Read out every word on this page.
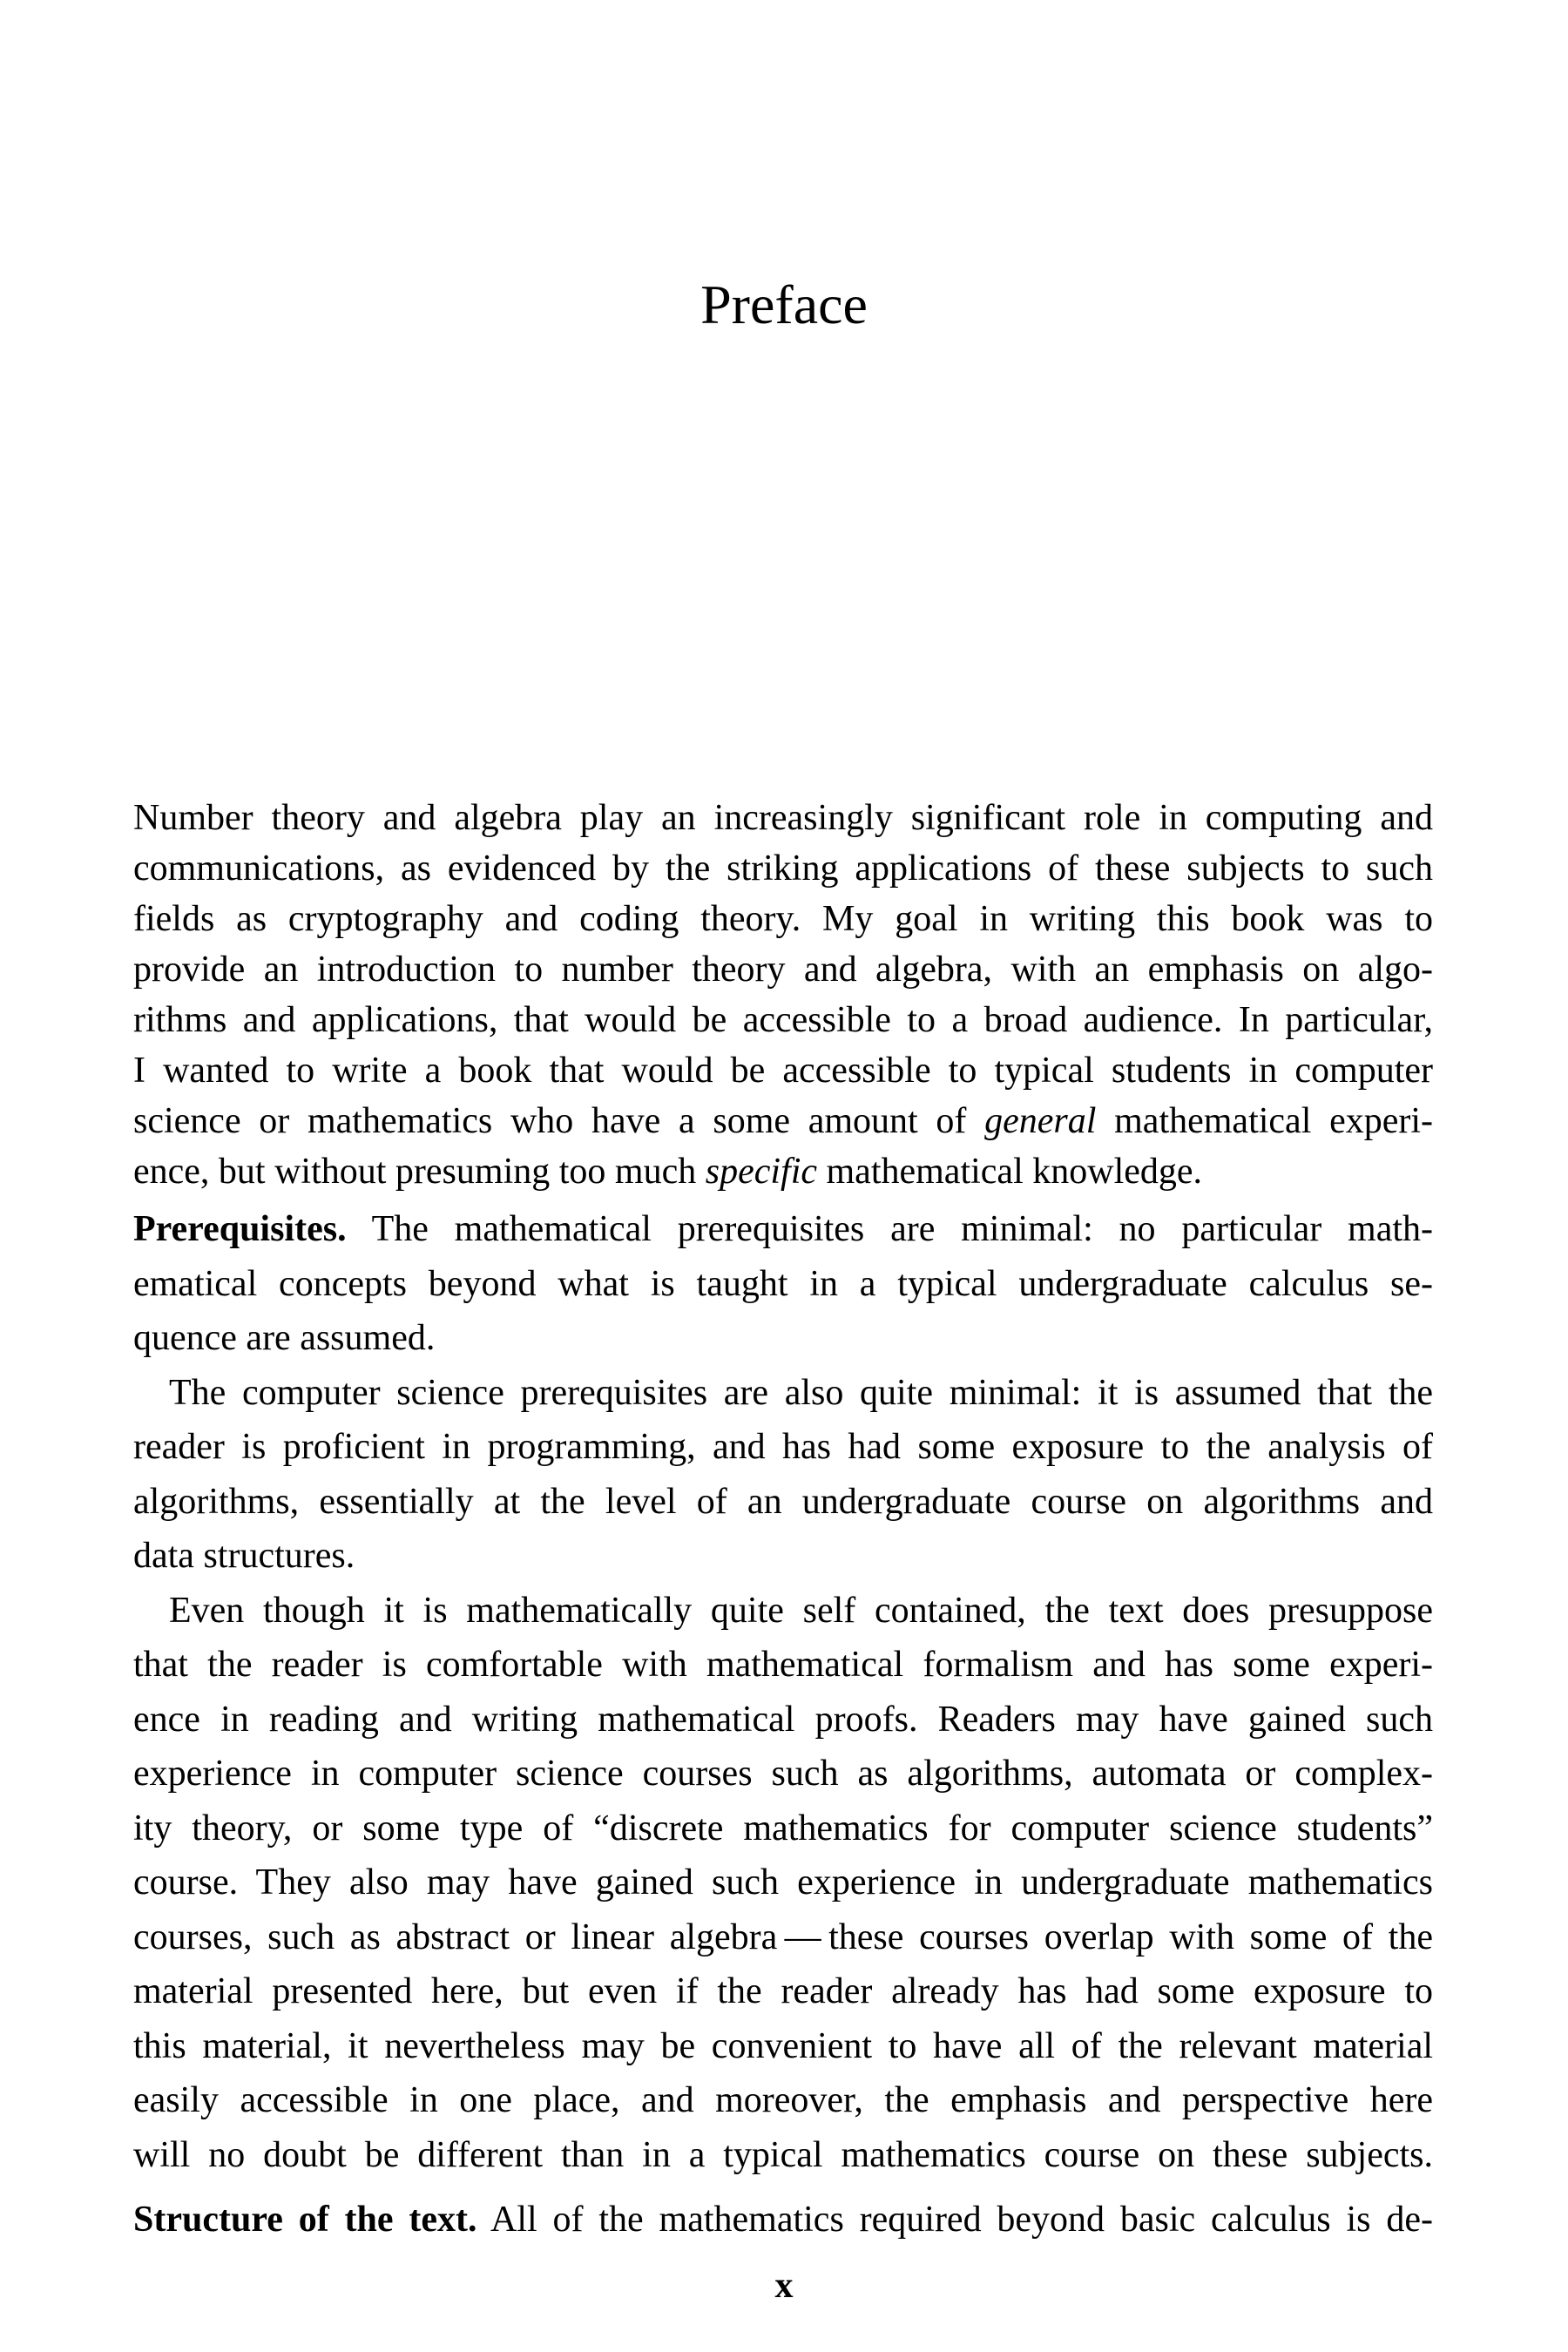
Preface
Number theory and algebra play an increasingly significant role in computing and
communications, as evidenced by the striking applications of these subjects to such
fields as cryptography and coding theory. My goal in writing this book was to
provide an introduction to number theory and algebra, with an emphasis on algo-
rithms and applications, that would be accessible to a broad audience. In particular,
I wanted to write a book that would be accessible to typical students in computer
science or mathematics who have a some amount of general mathematical experi-
ence, but without presuming too much specific mathematical knowledge.
Prerequisites. The mathematical prerequisites are minimal: no particular math-
ematical concepts beyond what is taught in a typical undergraduate calculus se-
quence are assumed.
The computer science prerequisites are also quite minimal: it is assumed that the
reader is proficient in programming, and has had some exposure to the analysis of
algorithms, essentially at the level of an undergraduate course on algorithms and
data structures.
Even though it is mathematically quite self contained, the text does presuppose
that the reader is comfortable with mathematical formalism and has some experi-
ence in reading and writing mathematical proofs. Readers may have gained such
experience in computer science courses such as algorithms, automata or complex-
ity theory, or some type of “discrete mathematics for computer science students”
course. They also may have gained such experience in undergraduate mathematics
courses, such as abstract or linear algebra — these courses overlap with some of the
material presented here, but even if the reader already has had some exposure to
this material, it nevertheless may be convenient to have all of the relevant material
easily accessible in one place, and moreover, the emphasis and perspective here
will no doubt be different than in a typical mathematics course on these subjects.
Structure of the text. All of the mathematics required beyond basic calculus is de-
x
